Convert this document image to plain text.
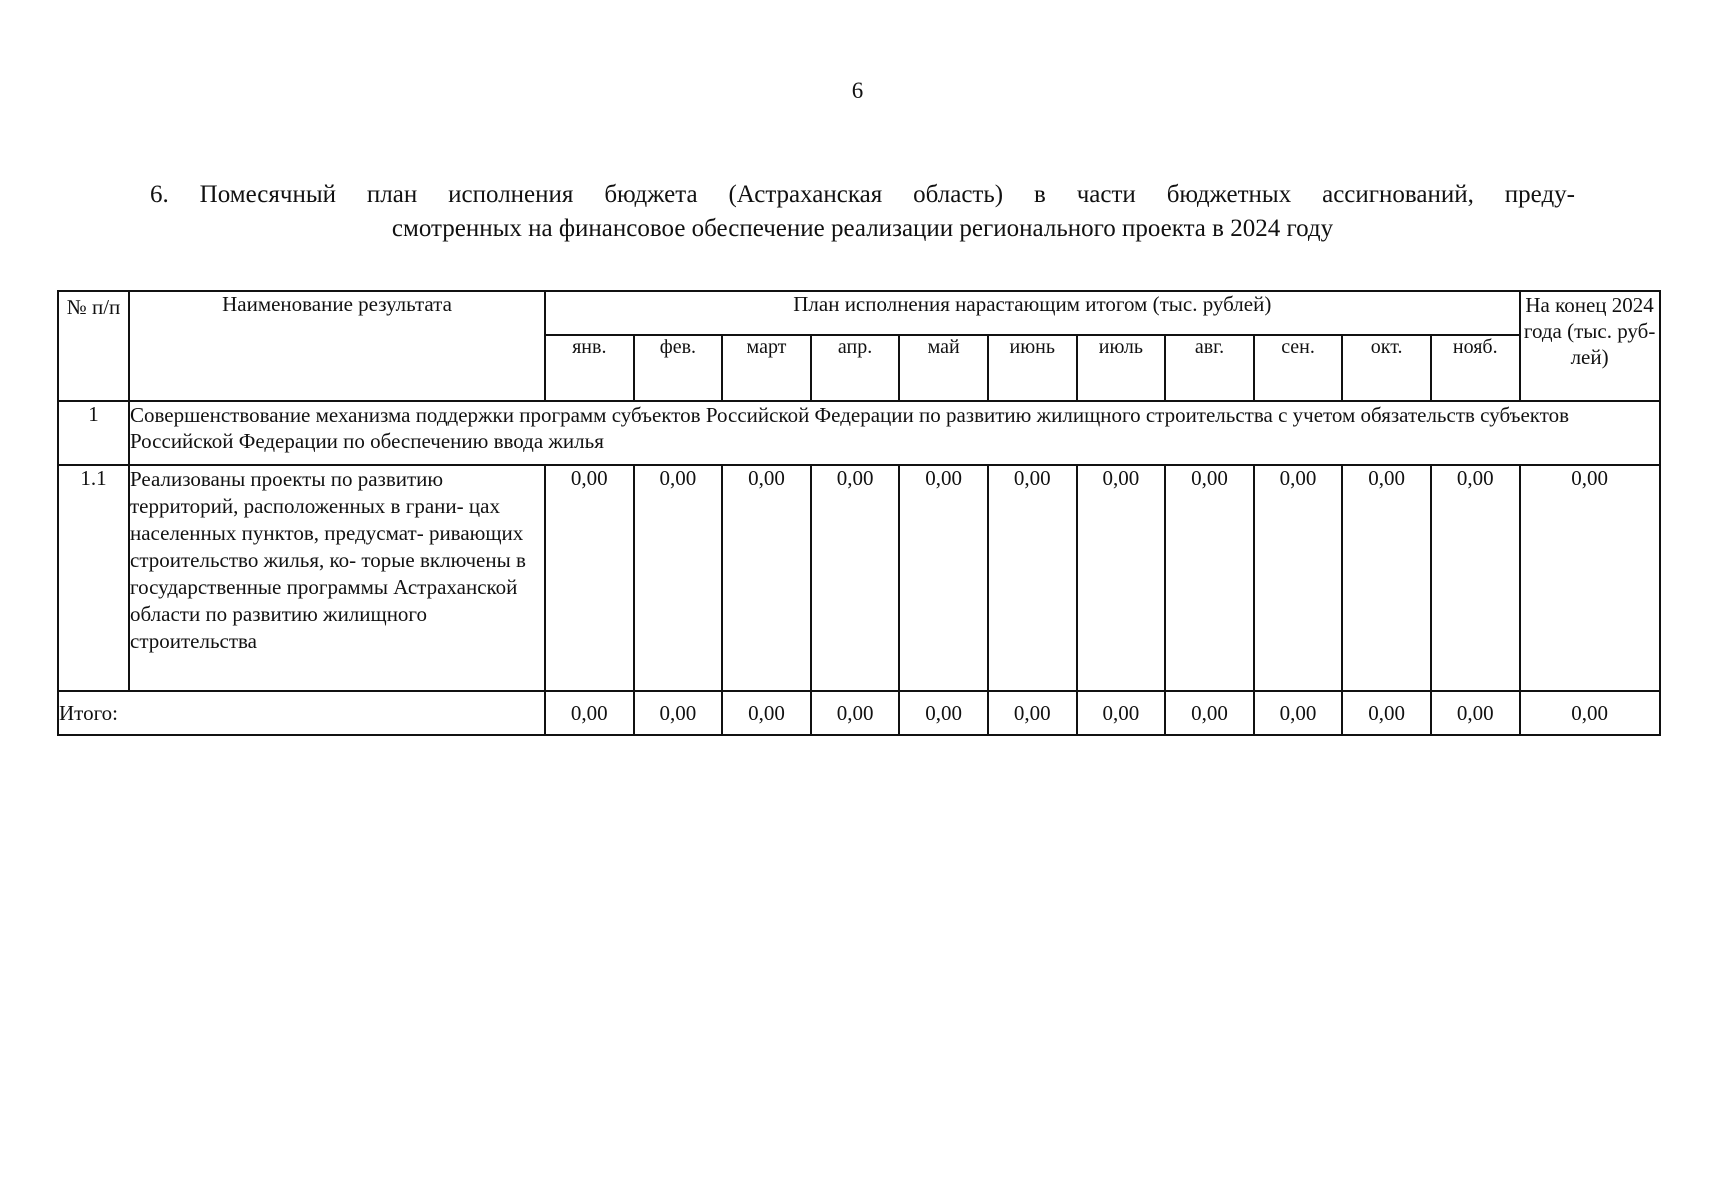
6
6. Помесячный план исполнения бюджета (Астраханская область) в части бюджетных ассигнований, преду-
смотренных на финансовое обеспечение реализации регионального проекта в 2024 году
№ п/п	Наименование результата	План исполнения нарастающим итогом (тыс. рублей)											На конец 2024 года (тыс. руб- лей)
		янв.	фев.	март	апр.	май	июнь	июль	авг.	сен.	окт.	нояб.	
1	Совершенствование механизма поддержки программ субъектов Российской Федерации по развитию жилищного строительства с учетом обязательств субъектов Российской Федерации по обеспечению ввода жилья												
1.1	Реализованы проекты по развитию территорий, расположенных в грани- цах населенных пунктов, предусмат- ривающих строительство жилья, ко- торые включены в государственные программы Астраханской области по развитию жилищного строительства	0,00	0,00	0,00	0,00	0,00	0,00	0,00	0,00	0,00	0,00	0,00	0,00
Итого:		0,00	0,00	0,00	0,00	0,00	0,00	0,00	0,00	0,00	0,00	0,00	0,00
